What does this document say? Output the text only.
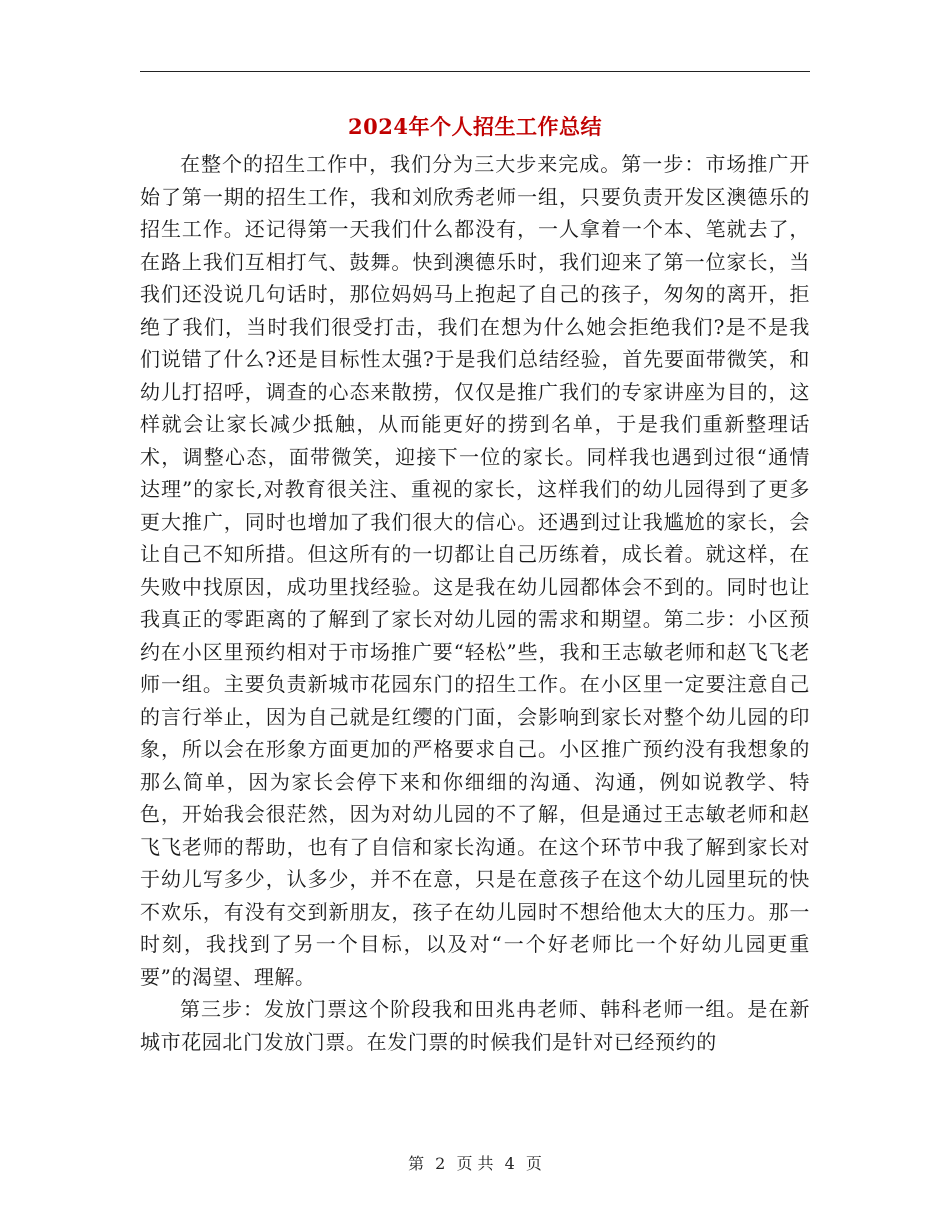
2024年个人招生工作总结

在整个的招生工作中，我们分为三大步来完成。第一步：市场推广开始了第一期的招生工作，我和刘欣秀老师一组，只要负责开发区澳德乐的招生工作。还记得第一天我们什么都没有，一人拿着一个本、笔就去了，在路上我们互相打气、鼓舞。快到澳德乐时，我们迎来了第一位家长，当我们还没说几句话时，那位妈妈马上抱起了自己的孩子，匆匆的离开，拒绝了我们，当时我们很受打击，我们在想为什么她会拒绝我们?是不是我们说错了什么?还是目标性太强?于是我们总结经验，首先要面带微笑，和幼儿打招呼，调查的心态来散捞，仅仅是推广我们的专家讲座为目的，这样就会让家长减少抵触，从而能更好的捞到名单，于是我们重新整理话术，调整心态，面带微笑，迎接下一位的家长。同样我也遇到过很“通情达理”的家长,对教育很关注、重视的家长，这样我们的幼儿园得到了更多更大推广，同时也增加了我们很大的信心。还遇到过让我尴尬的家长，会让自己不知所措。但这所有的一切都让自己历练着，成长着。就这样，在失败中找原因，成功里找经验。这是我在幼儿园都体会不到的。同时也让我真正的零距离的了解到了家长对幼儿园的需求和期望。第二步：小区预约在小区里预约相对于市场推广要“轻松”些，我和王志敏老师和赵飞飞老师一组。主要负责新城市花园东门的招生工作。在小区里一定要注意自己的言行举止，因为自己就是红缨的门面，会影响到家长对整个幼儿园的印象，所以会在形象方面更加的严格要求自己。小区推广预约没有我想象的那么简单，因为家长会停下来和你细细的沟通、沟通，例如说教学、特色，开始我会很茫然，因为对幼儿园的不了解，但是通过王志敏老师和赵飞飞老师的帮助，也有了自信和家长沟通。在这个环节中我了解到家长对于幼儿写多少，认多少，并不在意，只是在意孩子在这个幼儿园里玩的快不欢乐，有没有交到新朋友，孩子在幼儿园时不想给他太大的压力。那一时刻，我找到了另一个目标，以及对“一个好老师比一个好幼儿园更重要”的渴望、理解。

第三步：发放门票这个阶段我和田兆冉老师、韩科老师一组。是在新城市花园北门发放门票。在发门票的时候我们是针对已经预约的

第 2 页 共 4 页
